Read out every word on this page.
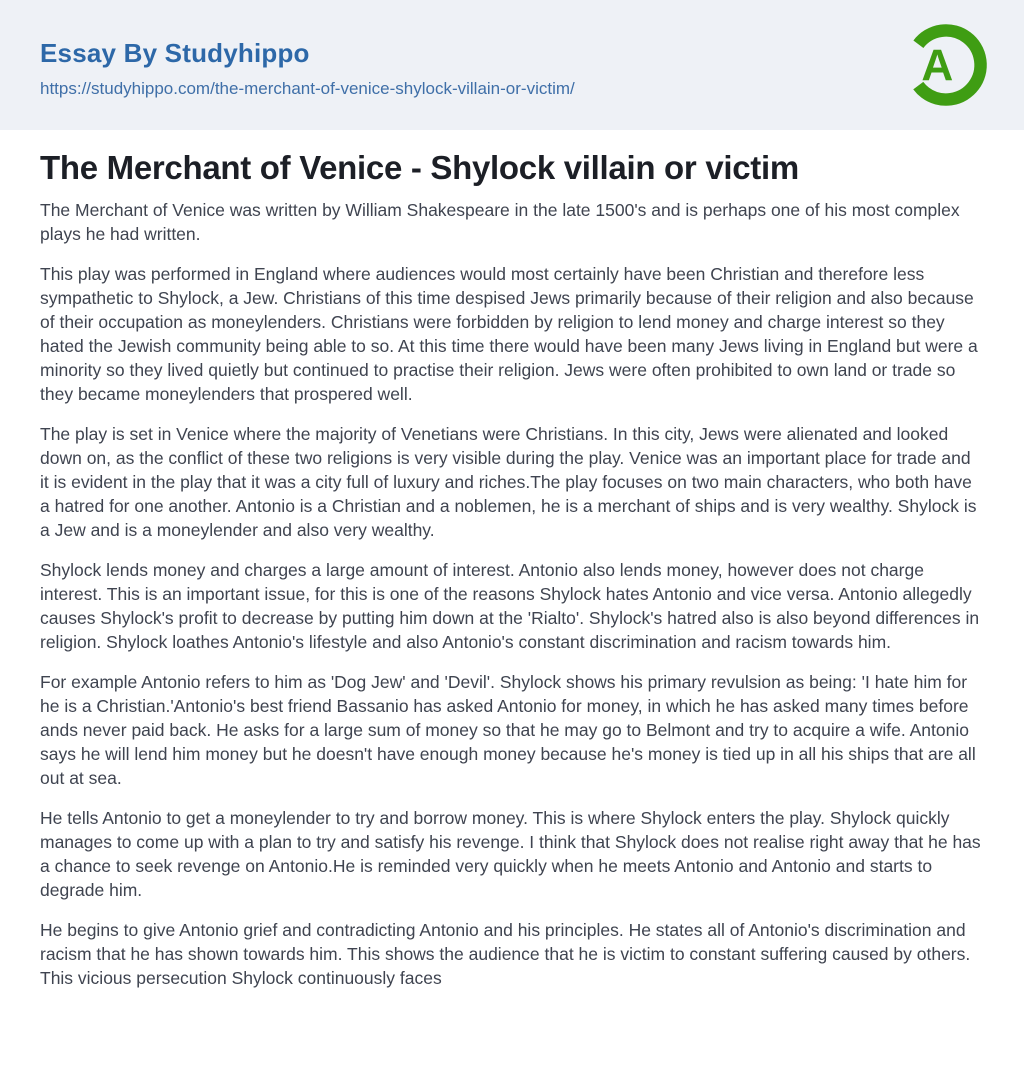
Essay By Studyhippo
https://studyhippo.com/the-merchant-of-venice-shylock-villain-or-victim/	A
The Merchant of Venice - Shylock villain or victim

The Merchant of Venice was written by William Shakespeare in the late 1500's and is perhaps one of his most complex plays he had written.

This play was performed in England where audiences would most certainly have been Christian and therefore less sympathetic to Shylock, a Jew. Christians of this time despised Jews primarily because of their religion and also because of their occupation as moneylenders. Christians were forbidden by religion to lend money and charge interest so they hated the Jewish community being able to so. At this time there would have been many Jews living in England but were a minority so they lived quietly but continued to practise their religion. Jews were often prohibited to own land or trade so they became moneylenders that prospered well.

The play is set in Venice where the majority of Venetians were Christians. In this city, Jews were alienated and looked down on, as the conflict of these two religions is very visible during the play. Venice was an important place for trade and it is evident in the play that it was a city full of luxury and riches.The play focuses on two main characters, who both have a hatred for one another. Antonio is a Christian and a noblemen, he is a merchant of ships and is very wealthy. Shylock is a Jew and is a moneylender and also very wealthy.

Shylock lends money and charges a large amount of interest. Antonio also lends money, however does not charge interest. This is an important issue, for this is one of the reasons Shylock hates Antonio and vice versa. Antonio allegedly causes Shylock's profit to decrease by putting him down at the 'Rialto'. Shylock's hatred also is also beyond differences in religion. Shylock loathes Antonio's lifestyle and also Antonio's constant discrimination and racism towards him.

For example Antonio refers to him as 'Dog Jew' and 'Devil'. Shylock shows his primary revulsion as being: 'I hate him for he is a Christian.'Antonio's best friend Bassanio has asked Antonio for money, in which he has asked many times before ands never paid back. He asks for a large sum of money so that he may go to Belmont and try to acquire a wife. Antonio says he will lend him money but he doesn't have enough money because he's money is tied up in all his ships that are all out at sea.

He tells Antonio to get a moneylender to try and borrow money. This is where Shylock enters the play. Shylock quickly manages to come up with a plan to try and satisfy his revenge. I think that Shylock does not realise right away that he has a chance to seek revenge on Antonio.He is reminded very quickly when he meets Antonio and Antonio and starts to degrade him.

He begins to give Antonio grief and contradicting Antonio and his principles. He states all of Antonio's discrimination and racism that he has shown towards him. This shows the audience that he is victim to constant suffering caused by others. This vicious persecution Shylock continuously faces
